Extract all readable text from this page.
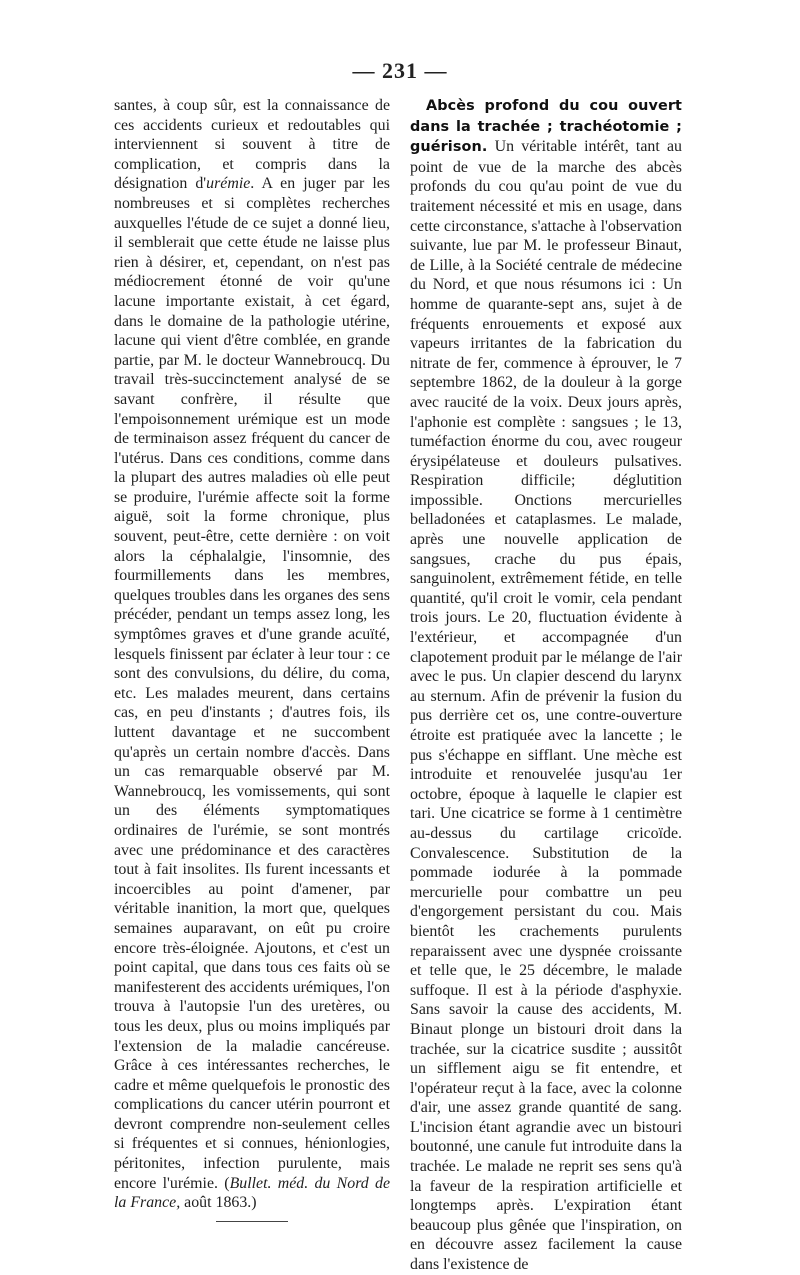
— 231 —

santes, à coup sûr, est la connaissance de ces accidents curieux et redoutables qui interviennent si souvent à titre de complication, et compris dans la désignation d'urémie. A en juger par les nombreuses et si complètes recherches auxquelles l'étude de ce sujet a donné lieu, il semblerait que cette étude ne laisse plus rien à désirer, et, cependant, on n'est pas médiocrement étonné de voir qu'une lacune importante existait, à cet égard, dans le domaine de la pathologie utérine, lacune qui vient d'être comblée, en grande partie, par M. le docteur Wannebroucq. Du travail très-succinctement analysé de se savant confrère, il résulte que l'empoisonnement urémique est un mode de terminaison assez fréquent du cancer de l'utérus. Dans ces conditions, comme dans la plupart des autres maladies où elle peut se produire, l'urémie affecte soit la forme aiguë, soit la forme chronique, plus souvent, peut-être, cette dernière : on voit alors la céphalalgie, l'insomnie, des fourmillements dans les membres, quelques troubles dans les organes des sens précéder, pendant un temps assez long, les symptômes graves et d'une grande acuïté, lesquels finissent par éclater à leur tour : ce sont des convulsions, du délire, du coma, etc. Les malades meurent, dans certains cas, en peu d'instants ; d'autres fois, ils luttent davantage et ne succombent qu'après un certain nombre d'accès. Dans un cas remarquable observé par M. Wannebroucq, les vomissements, qui sont un des éléments symptomatiques ordinaires de l'urémie, se sont montrés avec une prédominance et des caractères tout à fait insolites. Ils furent incessants et incoercibles au point d'amener, par véritable inanition, la mort que, quelques semaines auparavant, on eût pu croire encore très-éloignée. Ajoutons, et c'est un point capital, que dans tous ces faits où se manifesterent des accidents urémiques, l'on trouva à l'autopsie l'un des uretères, ou tous les deux, plus ou moins impliqués par l'extension de la maladie cancéreuse. Grâce à ces intéressantes recherches, le cadre et même quelquefois le pronostic des complications du cancer utérin pourront et devront comprendre non-seulement celles si fréquentes et si connues, hénionlogies, péritonites, infection purulente, mais encore l'urémie. (Bullet. méd. du Nord de la France, août 1863.)

Abcès profond du cou ouvert dans la trachée ; trachéotomie ; guérison. Un véritable intérêt, tant au point de vue de la marche des abcès profonds du cou qu'au point de vue du traitement nécessité et mis en usage, dans cette circonstance, s'attache à l'observation suivante, lue par M. le professeur Binaut, de Lille, à la Société centrale de médecine du Nord, et que nous résumons ici : Un homme de quarante-sept ans, sujet à de fréquents enrouements et exposé aux vapeurs irritantes de la fabrication du nitrate de fer, commence à éprouver, le 7 septembre 1862, de la douleur à la gorge avec raucité de la voix. Deux jours après, l'aphonie est complète : sangsues ; le 13, tuméfaction énorme du cou, avec rougeur érysipélateuse et douleurs pulsatives. Respiration difficile; déglutition impossible. Onctions mercurielles belladonées et cataplasmes. Le malade, après une nouvelle application de sangsues, crache du pus épais, sanguinolent, extrêmement fétide, en telle quantité, qu'il croit le vomir, cela pendant trois jours. Le 20, fluctuation évidente à l'extérieur, et accompagnée d'un clapotement produit par le mélange de l'air avec le pus. Un clapier descend du larynx au sternum. Afin de prévenir la fusion du pus derrière cet os, une contre-ouverture étroite est pratiquée avec la lancette ; le pus s'échappe en sifflant. Une mèche est introduite et renouvelée jusqu'au 1er octobre, époque à laquelle le clapier est tari. Une cicatrice se forme à 1 centimètre au-dessus du cartilage cricoïde. Convalescence. Substitution de la pommade iodurée à la pommade mercurielle pour combattre un peu d'engorgement persistant du cou. Mais bientôt les crachements purulents reparaissent avec une dyspnée croissante et telle que, le 25 décembre, le malade suffoque. Il est à la période d'asphyxie. Sans savoir la cause des accidents, M. Binaut plonge un bistouri droit dans la trachée, sur la cicatrice susdite ; aussitôt un sifflement aigu se fit entendre, et l'opérateur reçut à la face, avec la colonne d'air, une assez grande quantité de sang. L'incision étant agrandie avec un bistouri boutonné, une canule fut introduite dans la trachée. Le malade ne reprit ses sens qu'à la faveur de la respiration artificielle et longtemps après. L'expiration étant beaucoup plus gênée que l'inspiration, on en découvre assez facilement la cause dans l'existence de
